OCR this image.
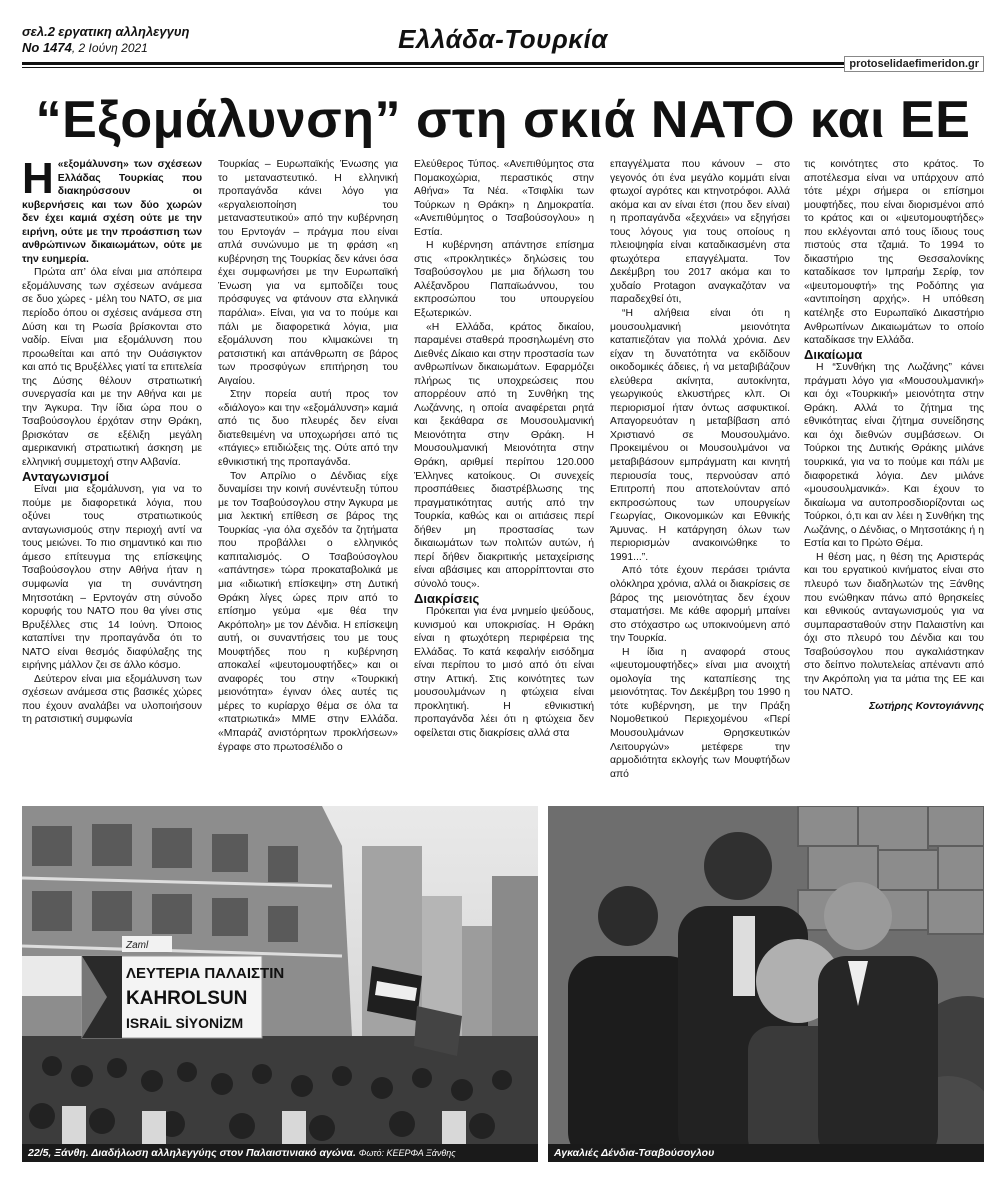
σελ.2 εργατικη αλληλεγγυη
Νο 1474, 2 Ιούνη 2021	Ελλάδα-Τουρκία
protoselidaefimeridon.gr
“Εξομάλυνση” στη σκιά ΝΑΤΟ και ΕΕ

Η «εξομάλυνση» των σχέσεων Ελλάδας Τουρκίας που διακηρύσσουν οι κυβερνήσεις και των δύο χωρών δεν έχει καμιά σχέση ούτε με την ειρήνη, ούτε με την προάσπιση των ανθρώπινων δικαιωμάτων, ούτε με την ευημερία.

Πρώτα απ’ όλα είναι μια απόπειρα εξομάλυνσης των σχέσεων ανάμεσα σε δυο χώρες - μέλη του ΝΑΤΟ, σε μια περίοδο όπου οι σχέσεις ανάμεσα στη Δύση και τη Ρωσία βρίσκονται στο ναδίρ. Είναι μια εξομάλυνση που προωθείται και από την Ουάσιγκτον και από τις Βρυξέλλες γιατί τα επιτελεία της Δύσης θέλουν στρατιωτική συνεργασία και με την Αθήνα και με την Άγκυρα. Την ίδια ώρα που ο Τσαβούσογλου έρχόταν στην Θράκη, βρισκόταν σε εξέλιξη μεγάλη αμερικανική στρατιωτική άσκηση με ελληνική συμμετοχή στην Αλβανία.

Ανταγωνισμοί

Είναι μια εξομάλυνση, για να το πούμε με διαφορετικά λόγια, που οξύνει τους στρατιωτικούς ανταγωνισμούς στην περιοχή αντί να τους μειώνει. Το πιο σημαντικό και πιο άμεσο επίτευγμα της επίσκεψης Τσαβούσογλου στην Αθήνα ήταν η συμφωνία για τη συνάντηση Μητσοτάκη – Ερντογάν στη σύνοδο κορυφής του ΝΑΤΟ που θα γίνει στις Βρυξέλλες στις 14 Ιούνη. Όποιος καταπίνει την προπαγάνδα ότι το ΝΑΤΟ είναι θεσμός διαφύλαξης της ειρήνης μάλλον ζει σε άλλο κόσμο.

Δεύτερον είναι μια εξομάλυνση των σχέσεων ανάμεσα στις βασικές χώρες που έχουν αναλάβει να υλοποιήσουν τη ρατσιστική συμφωνία

Τουρκίας – Ευρωπαϊκής Ένωσης για το μεταναστευτικό. Η ελληνική προπαγάνδα κάνει λόγο για «εργαλειοποίηση του μεταναστευτικού» από την κυβέρνηση του Ερντογάν – πράγμα που είναι απλά συνώνυμο με τη φράση «η κυβέρνηση της Τουρκίας δεν κάνει όσα έχει συμφωνήσει με την Ευρωπαϊκή Ένωση για να εμποδίζει τους πρόσφυγες να φτάνουν στα ελληνικά παράλια». Είναι, για να το πούμε και πάλι με διαφορετικά λόγια, μια εξομάλυνση που κλιμακώνει τη ρατσιστική και απάνθρωπη σε βάρος των προσφύγων επιτήρηση του Αιγαίου.

Στην πορεία αυτή προς τον «διάλογο» και την «εξομάλυνση» καμιά από τις δυο πλευρές δεν είναι διατεθειμένη να υποχωρήσει από τις «πάγιες» επιδιώξεις της. Ούτε από την εθνικιστική της προπαγάνδα.

Τον Απρίλιο ο Δένδιας είχε δυναμίσει την κοινή συνέντευξη τύπου με τον Τσαβούσογλου στην Άγκυρα με μια λεκτική επίθεση σε βάρος της Τουρκίας -για όλα σχεδόν τα ζητήματα που προβάλλει ο ελληνικός καπιταλισμός. Ο Τσαβούσογλου «απάντησε» τώρα προκαταβολικά με μια «ιδιωτική επίσκεψη» στη Δυτική Θράκη λίγες ώρες πριν από το επίσημο γεύμα «με θέα την Ακρόπολη» με τον Δένδια. Η επίσκεψη αυτή, οι συναντήσεις του με τους Μουφτήδες που η κυβέρνηση αποκαλεί «ψευτομουφτήδες» και οι αναφορές του στην «Τουρκική μειονότητα» έγιναν όλες αυτές τις μέρες το κυρίαρχο θέμα σε όλα τα «πατριωτικά» ΜΜΕ στην Ελλάδα. «Μπαράζ ανιστόρητων προκλήσεων» έγραφε στο πρωτοσέλιδο ο

Ελεύθερος Τύπος. «Ανεπιθύμητος στα Πομακοχώρια, περαστικός στην Αθήνα» Τα Νέα. «Τσιφλίκι των Τούρκων η Θράκη» η Δημοκρατία. «Ανεπιθύμητος ο Τσαβούσογλου» η Εστία.

Η κυβέρνηση απάντησε επίσημα στις «προκλητικές» δηλώσεις του Τσαβούσογλου με μια δήλωση του Αλέξανδρου Παπαϊωάννου, του εκπροσώπου του υπουργείου Εξωτερικών.

«Η Ελλάδα, κράτος δικαίου, παραμένει σταθερά προσηλωμένη στο Διεθνές Δίκαιο και στην προστασία των ανθρωπίνων δικαιωμάτων. Εφαρμόζει πλήρως τις υποχρεώσεις που απορρέουν από τη Συνθήκη της Λωζάννης, η οποία αναφέρεται ρητά και ξεκάθαρα σε Μουσουλμανική Μειονότητα στην Θράκη. Η Μουσουλμανική Μειονότητα στην Θράκη, αριθμεί περίπου 120.000 Έλληνες κατοίκους. Οι συνεχείς προσπάθειες διαστρέβλωσης της πραγματικότητας αυτής από την Τουρκία, καθώς και οι αιτιάσεις περί δήθεν μη προστασίας των δικαιωμάτων των πολιτών αυτών, ή περί δήθεν διακριτικής μεταχείρισης είναι αβάσιμες και απορρίπτονται στο σύνολό τους».

Διακρίσεις

Πρόκειται για ένα μνημείο ψεύδους, κυνισμού και υποκρισίας. Η Θράκη είναι η φτωχότερη περιφέρεια της Ελλάδας. Το κατά κεφαλήν εισόδημα είναι περίπου το μισό από ότι είναι στην Αττική. Στις κοινότητες των μουσουλμάνων η φτώχεια είναι προκλητική. Η εθνικιστική προπαγάνδα λέει ότι η φτώχεια δεν οφείλεται στις διακρίσεις αλλά στα

επαγγέλματα που κάνουν – στο γεγονός ότι ένα μεγάλο κομμάτι είναι φτωχοί αγρότες και κτηνοτρόφοι. Αλλά ακόμα και αν είναι έτσι (που δεν είναι) η προπαγάνδα «ξεχνάει» να εξηγήσει τους λόγους για τους οποίους η πλειοψηφία είναι καταδικασμένη στα φτωχότερα επαγγέλματα. Τον Δεκέμβρη του 2017 ακόμα και το χυδαίο Protagon αναγκαζόταν να παραδεχθεί ότι,

“Η αλήθεια είναι ότι η μουσουλμανική μειονότητα καταπιεζόταν για πολλά χρόνια. Δεν είχαν τη δυνατότητα να εκδίδουν οικοδομικές άδειες, ή να μεταβιβάζουν ελεύθερα ακίνητα, αυτοκίνητα, γεωργικούς ελκυστήρες κλπ. Οι περιορισμοί ήταν όντως ασφυκτικοί. Απαγορευόταν η μεταβίβαση από Χριστιανό σε Μουσουλμάνο. Προκειμένου οι Μουσουλμάνοι να μεταβιβάσουν εμπράγματη και κινητή περιουσία τους, περνούσαν από Επιτροπή που αποτελούνταν από εκπροσώπους των υπουργείων Γεωργίας, Οικονομικών και Εθνικής Άμυνας. Η κατάργηση όλων των περιορισμών ανακοινώθηκε το 1991...”.

Από τότε έχουν περάσει τριάντα ολόκληρα χρόνια, αλλά οι διακρίσεις σε βάρος της μειονότητας δεν έχουν σταματήσει. Με κάθε αφορμή μπαίνει στο στόχαστρο ως υποκινούμενη από την Τουρκία.

Η ίδια η αναφορά στους «ψευτομουφτήδες» είναι μια ανοιχτή ομολογία της καταπίεσης της μειονότητας. Τον Δεκέμβρη του 1990 η τότε κυβέρνηση, με την Πράξη Νομοθετικού Περιεχομένου «Περί Μουσουλμάνων Θρησκευτικών Λειτουργών» μετέφερε την αρμοδιότητα εκλογής των Μουφτήδων από

τις κοινότητες στο κράτος. Το αποτέλεσμα είναι να υπάρχουν από τότε μέχρι σήμερα οι επίσημοι μουφτήδες, που είναι διορισμένοι από το κράτος και οι «ψευτομουφτήδες» που εκλέγονται από τους ίδιους τους πιστούς στα τζαμιά. Το 1994 το δικαστήριο της Θεσσαλονίκης καταδίκασε τον Ιμπραήμ Σερίφ, τον «ψευτομουφτή» της Ροδόπης για «αντιποίηση αρχής». Η υπόθεση κατέληξε στο Ευρωπαϊκό Δικαστήριο Ανθρωπίνων Δικαιωμάτων το οποίο καταδίκασε την Ελλάδα.

Δικαίωμα

Η “Συνθήκη της Λωζάνης” κάνει πράγματι λόγο για «Μουσουλμανική» και όχι «Τουρκική» μειονότητα στην Θράκη. Αλλά το ζήτημα της εθνικότητας είναι ζήτημα συνείδησης και όχι διεθνών συμβάσεων. Οι Τούρκοι της Δυτικής Θράκης μιλάνε τουρκικά, για να το πούμε και πάλι με διαφορετικά λόγια. Δεν μιλάνε «μουσουλμανικά». Και έχουν το δικαίωμα να αυτοπροσδιορίζονται ως Τούρκοι, ό,τι και αν λέει η Συνθήκη της Λωζάνης, ο Δένδιας, ο Μητσοτάκης ή η Εστία και το Πρώτο Θέμα.

Η θέση μας, η θέση της Αριστεράς και του εργατικού κινήματος είναι στο πλευρό των διαδηλωτών της Ξάνθης που ενώθηκαν πάνω από θρησκείες και εθνικούς ανταγωνισμούς για να συμπαρασταθούν στην Παλαιστίνη και όχι στο πλευρό του Δένδια και του Τσαβούσογλου που αγκαλιάστηκαν στο δείπνο πολυτελείας απέναντι από την Ακρόπολη για τα μάτια της ΕΕ και του ΝΑΤΟ.

Σωτήρης Κοντογιάννης

Zaml
ΛΕΥΤΕΡΙΑ ΠΑΛΑΙΣΤΙΝ
KAHROLSUN
ISRAİL SİYONİZM
22/5, Ξάνθη. Διαδήλωση αλληλεγγύης στον Παλαιστινιακό αγώνα. Φωτό: ΚΕΕΡΦΑ Ξάνθης	Αγκαλιές Δένδια-Τσαβούσογλου
